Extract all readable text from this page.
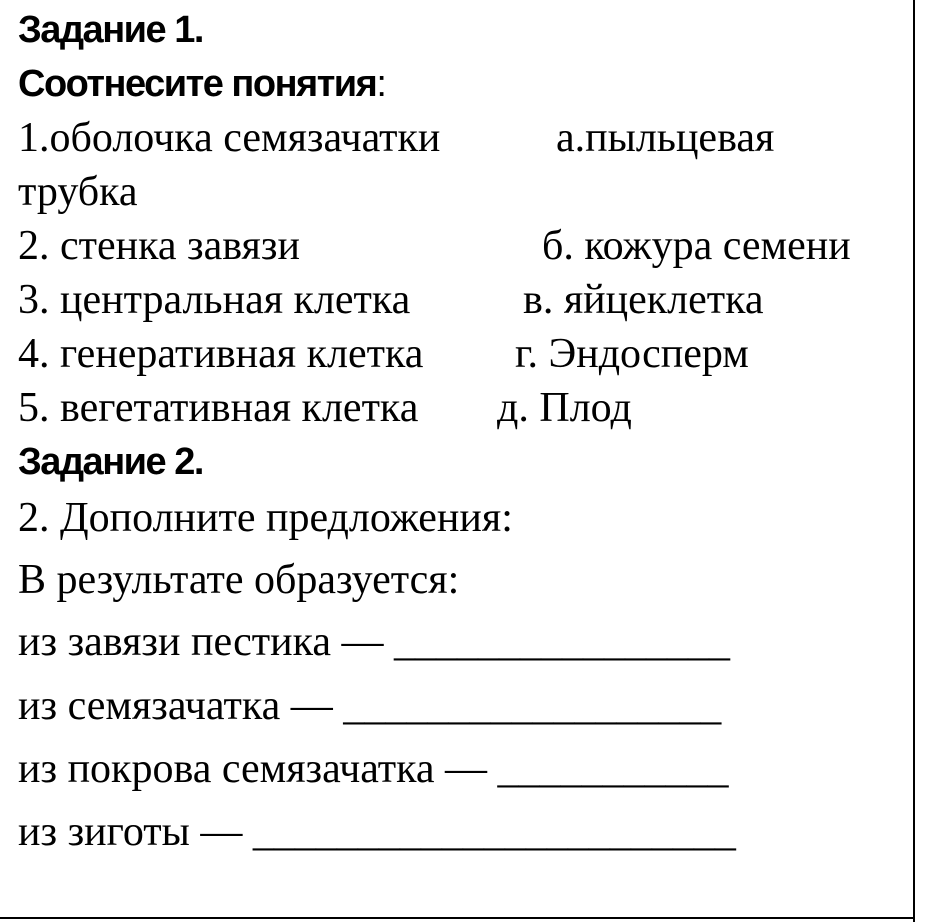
Задание 1.
Соотнесите понятия:
1.оболочка семязачатки	а.пыльцевая
трубка
2. стенка завязи	б. кожура семени
3. центральная клетка	в. яйцеклетка
4. генеративная клетка г. Эндосперм
5. вегетативная клетка д. Плод
Задание 2.
2. Дополните предложения:
В результате образуется:
из завязи пестика — ________________
из семязачатка — __________________
из покрова семязачатка — ___________
из зиготы — _______________________
